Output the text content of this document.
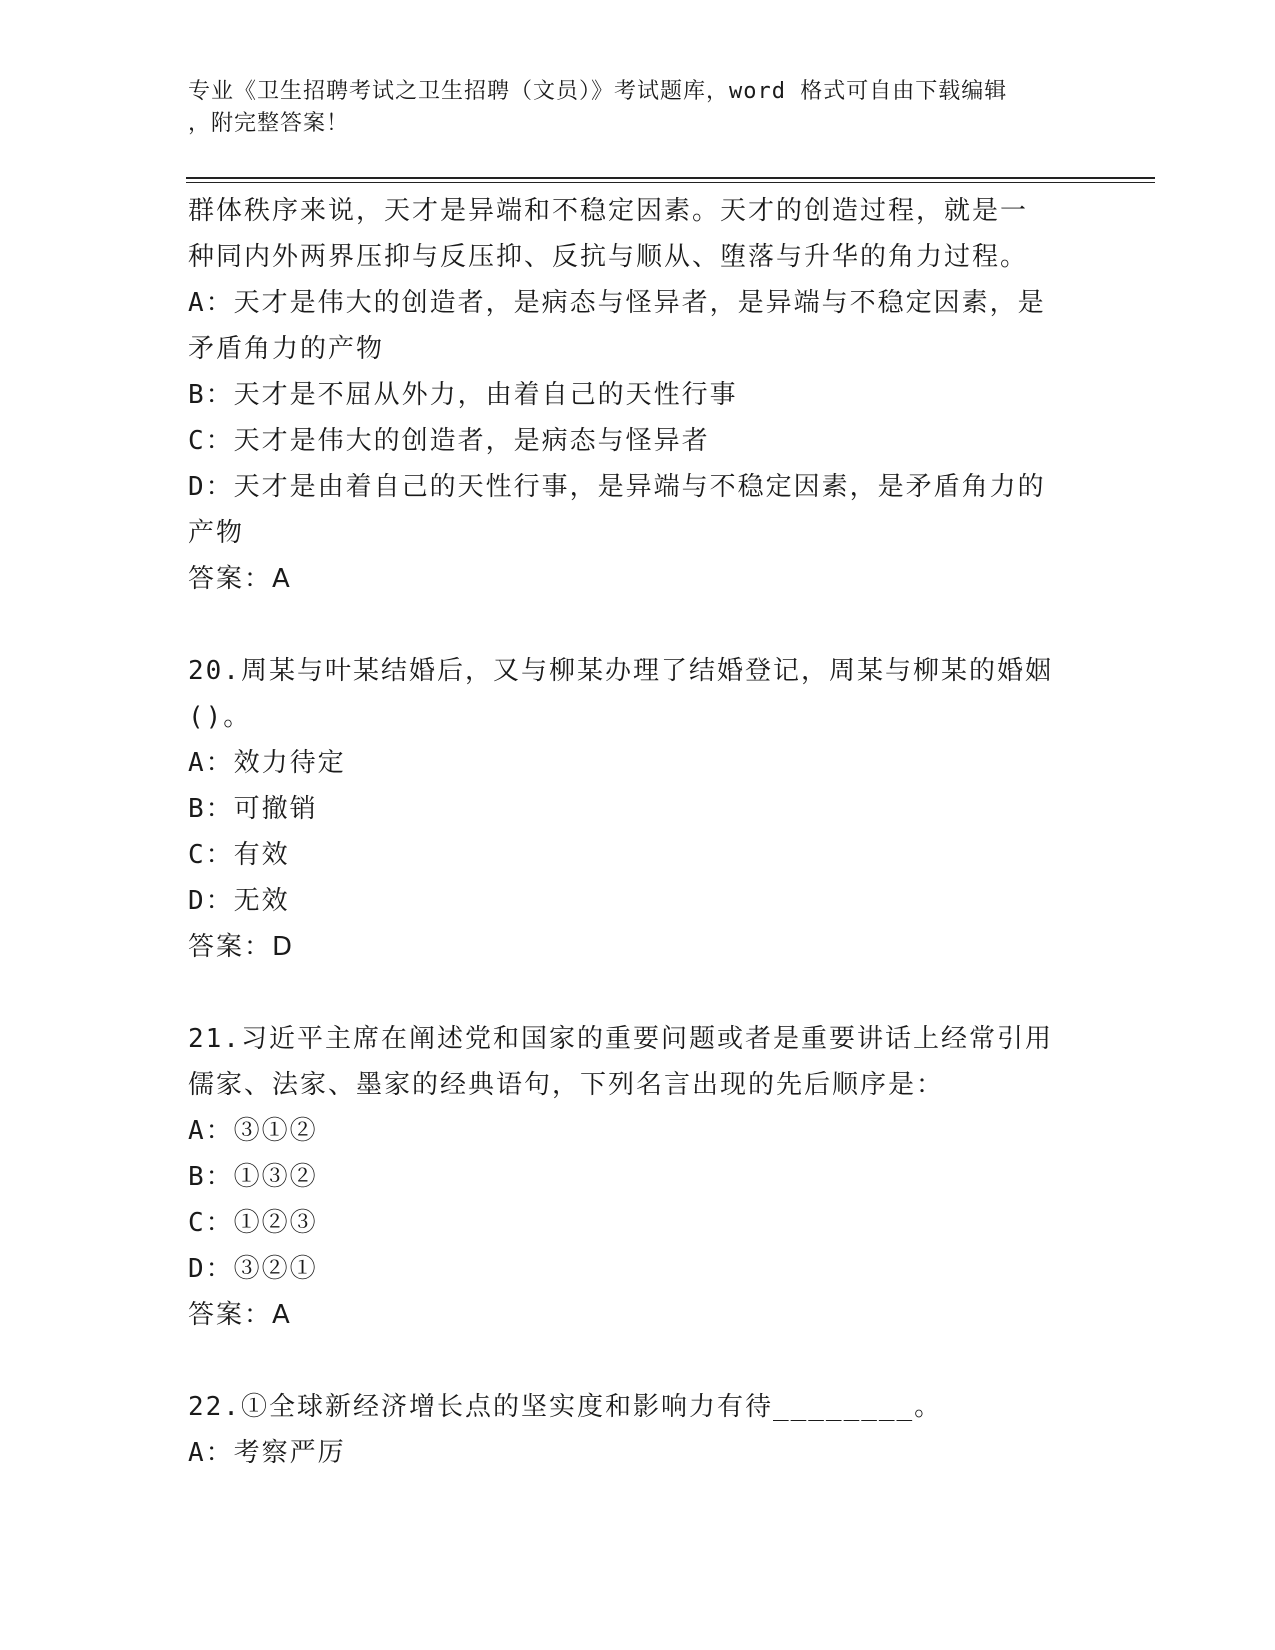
专业《卫生招聘考试之卫生招聘（文员）》考试题库，word 格式可自由下载编辑
，附完整答案！
群体秩序来说，天才是异端和不稳定因素。天才的创造过程，就是一
种同内外两界压抑与反压抑、反抗与顺从、堕落与升华的角力过程。
A：天才是伟大的创造者，是病态与怪异者，是异端与不稳定因素，是
矛盾角力的产物
B：天才是不屈从外力，由着自己的天性行事
C：天才是伟大的创造者，是病态与怪异者
D：天才是由着自己的天性行事，是异端与不稳定因素，是矛盾角力的
产物
答案：A
20.周某与叶某结婚后，又与柳某办理了结婚登记，周某与柳某的婚姻
()。
A：效力待定
B：可撤销
C：有效
D：无效
答案：D
21.习近平主席在阐述党和国家的重要问题或者是重要讲话上经常引用
儒家、法家、墨家的经典语句，下列名言出现的先后顺序是：
A：③①②
B：①③②
C：①②③
D：③②①
答案：A
22.①全球新经济增长点的坚实度和影响力有待________。
A：考察严厉
